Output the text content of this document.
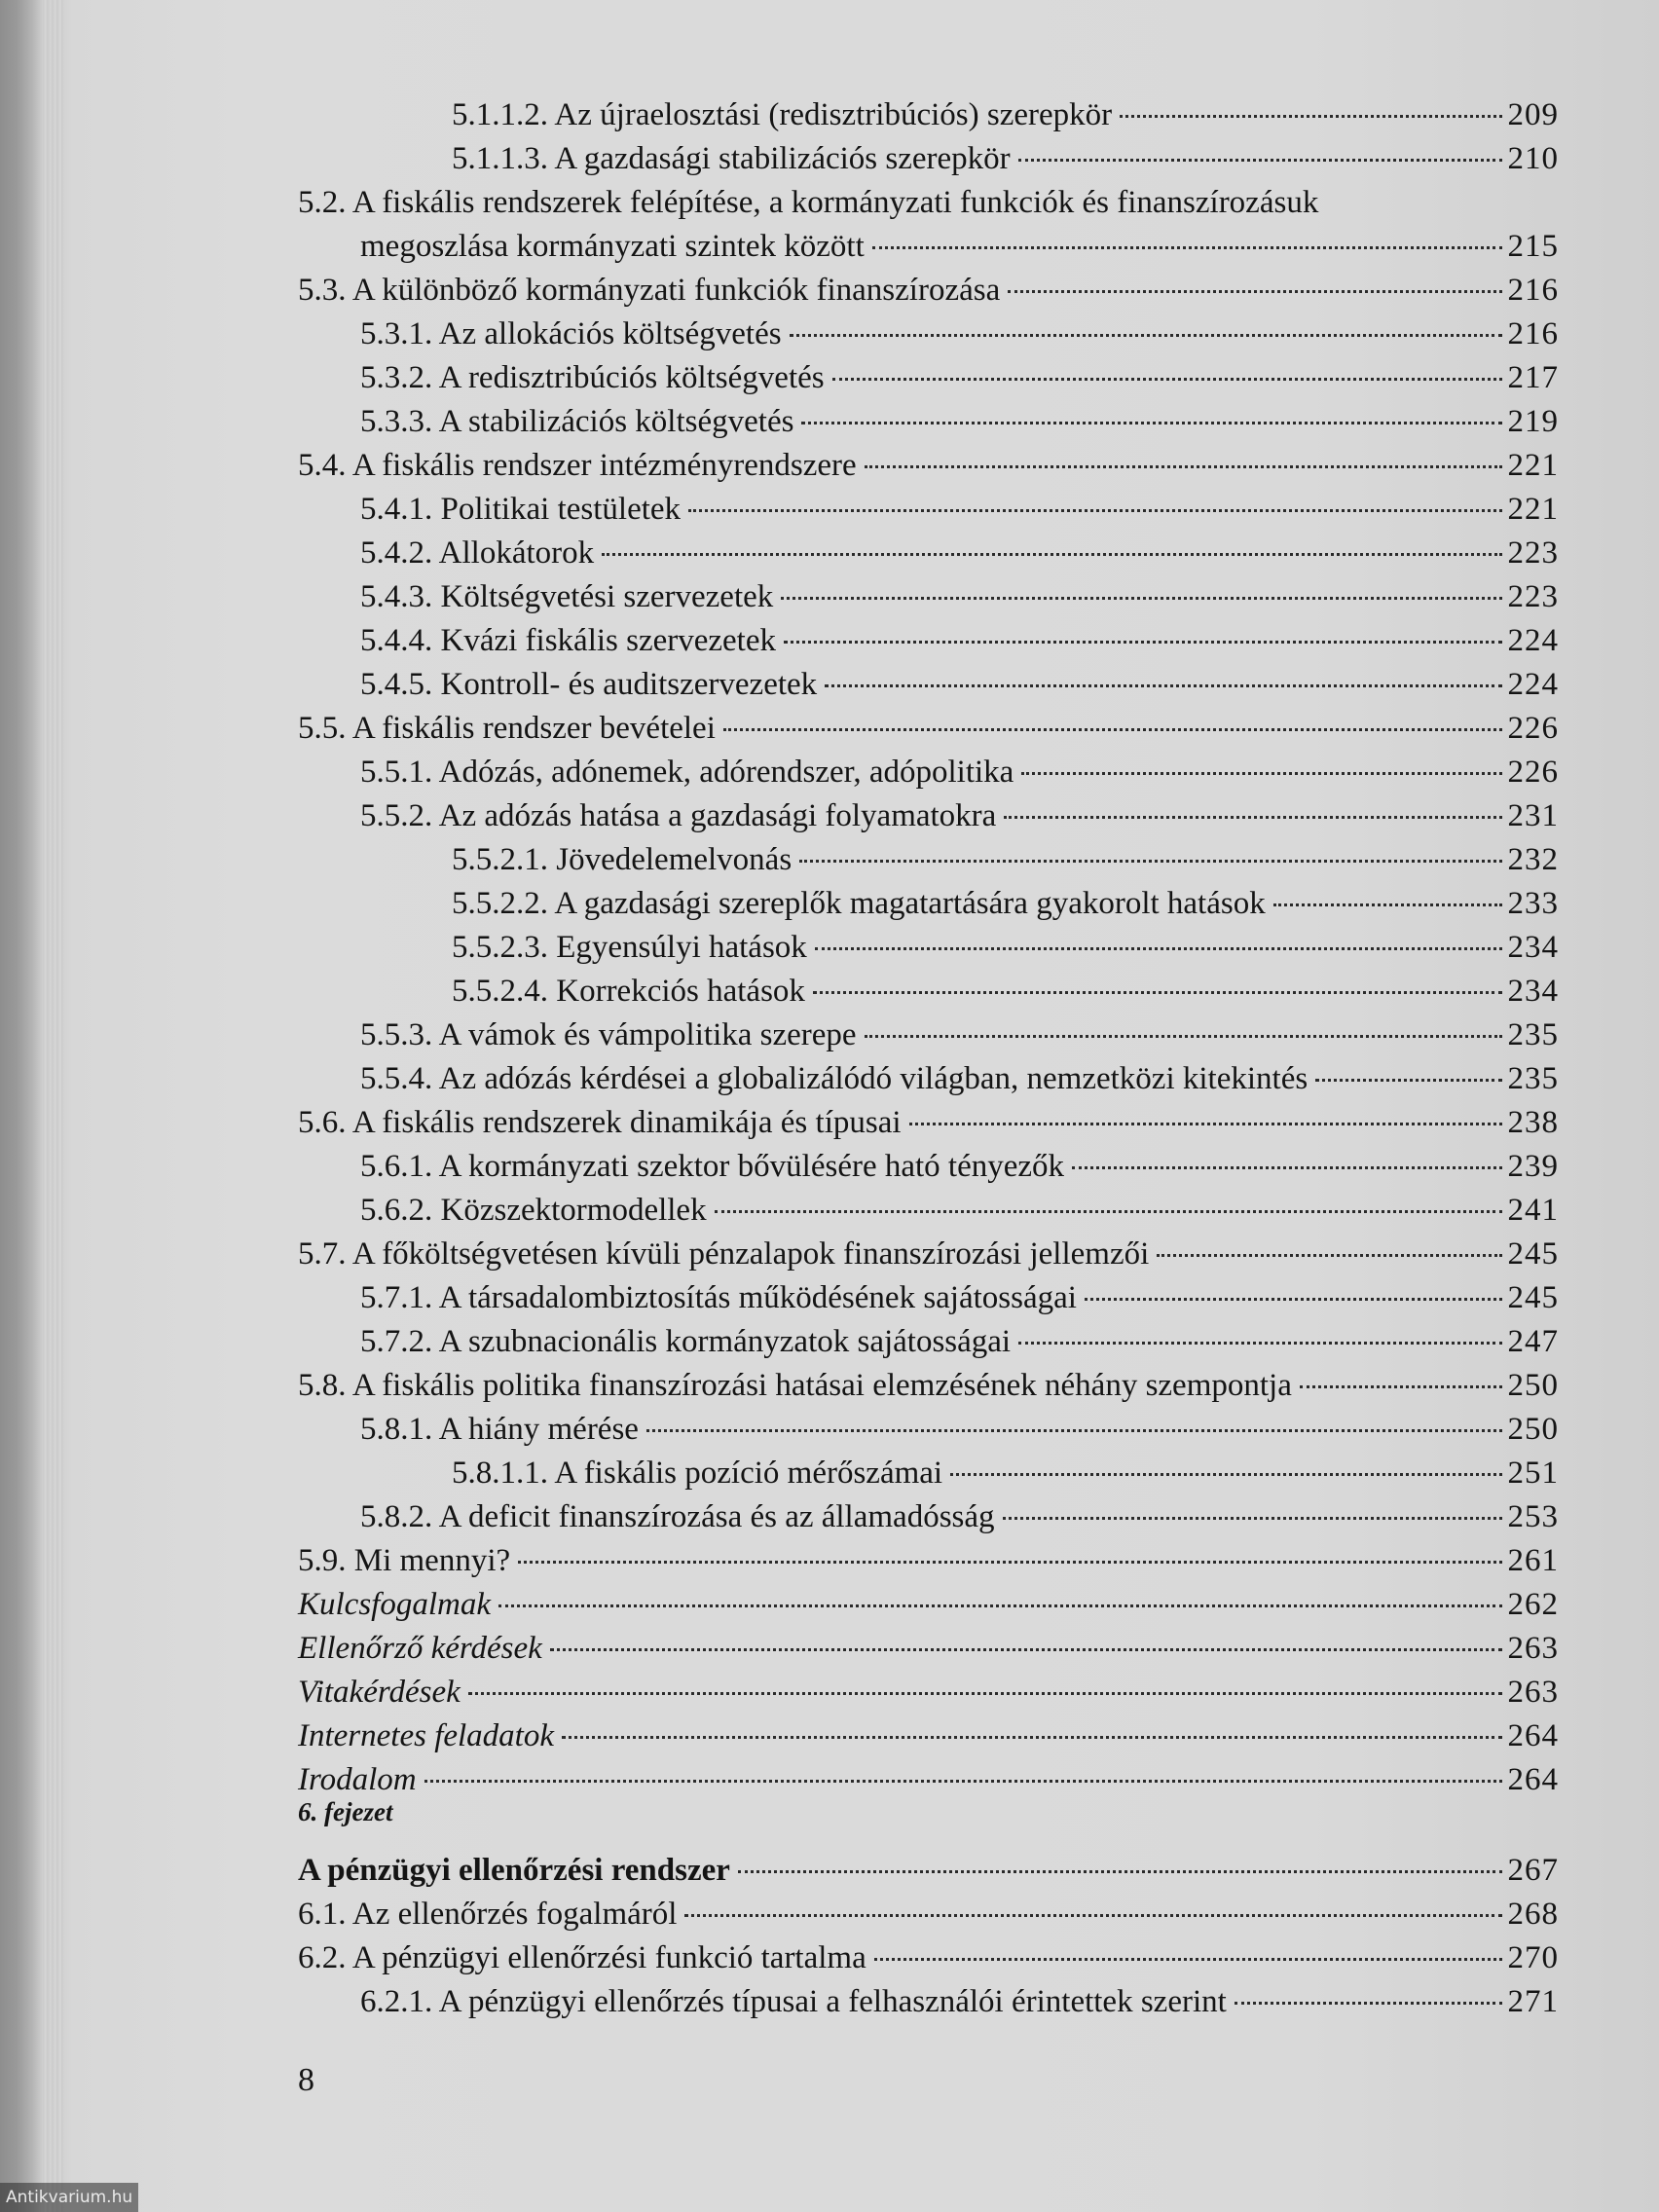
5.1.1.2. Az újraelosztási (redisztribúciós) szerepkör	209
5.1.1.3. A gazdasági stabilizációs szerepkör	210
5.2. A fiskális rendszerek felépítése, a kormányzati funkciók és finanszírozásuk
megoszlása kormányzati szintek között	215
5.3. A különböző kormányzati funkciók finanszírozása	216
5.3.1. Az allokációs költségvetés	216
5.3.2. A redisztribúciós költségvetés	217
5.3.3. A stabilizációs költségvetés	219
5.4. A fiskális rendszer intézményrendszere	221
5.4.1. Politikai testületek	221
5.4.2. Allokátorok	223
5.4.3. Költségvetési szervezetek	223
5.4.4. Kvázi fiskális szervezetek	224
5.4.5. Kontroll- és auditszervezetek	224
5.5. A fiskális rendszer bevételei	226
5.5.1. Adózás, adónemek, adórendszer, adópolitika	226
5.5.2. Az adózás hatása a gazdasági folyamatokra	231
5.5.2.1. Jövedelemelvonás	232
5.5.2.2. A gazdasági szereplők magatartására gyakorolt hatások	233
5.5.2.3. Egyensúlyi hatások	234
5.5.2.4. Korrekciós hatások	234
5.5.3. A vámok és vámpolitika szerepe	235
5.5.4. Az adózás kérdései a globalizálódó világban, nemzetközi kitekintés	235
5.6. A fiskális rendszerek dinamikája és típusai	238
5.6.1. A kormányzati szektor bővülésére ható tényezők	239
5.6.2. Közszektormodellek	241
5.7. A főköltségvetésen kívüli pénzalapok finanszírozási jellemzői	245
5.7.1. A társadalombiztosítás működésének sajátosságai	245
5.7.2. A szubnacionális kormányzatok sajátosságai	247
5.8. A fiskális politika finanszírozási hatásai elemzésének néhány szempontja	250
5.8.1. A hiány mérése	250
5.8.1.1. A fiskális pozíció mérőszámai	251
5.8.2. A deficit finanszírozása és az államadósság	253
5.9. Mi mennyi?	261
Kulcsfogalmak	262
Ellenőrző kérdések	263
Vitakérdések	263
Internetes feladatok	264
Irodalom	264
6. fejezet
A pénzügyi ellenőrzési rendszer	267
6.1. Az ellenőrzés fogalmáról	268
6.2. A pénzügyi ellenőrzési funkció tartalma	270
6.2.1. A pénzügyi ellenőrzés típusai a felhasználói érintettek szerint	271
8
Antikvarium.hu
